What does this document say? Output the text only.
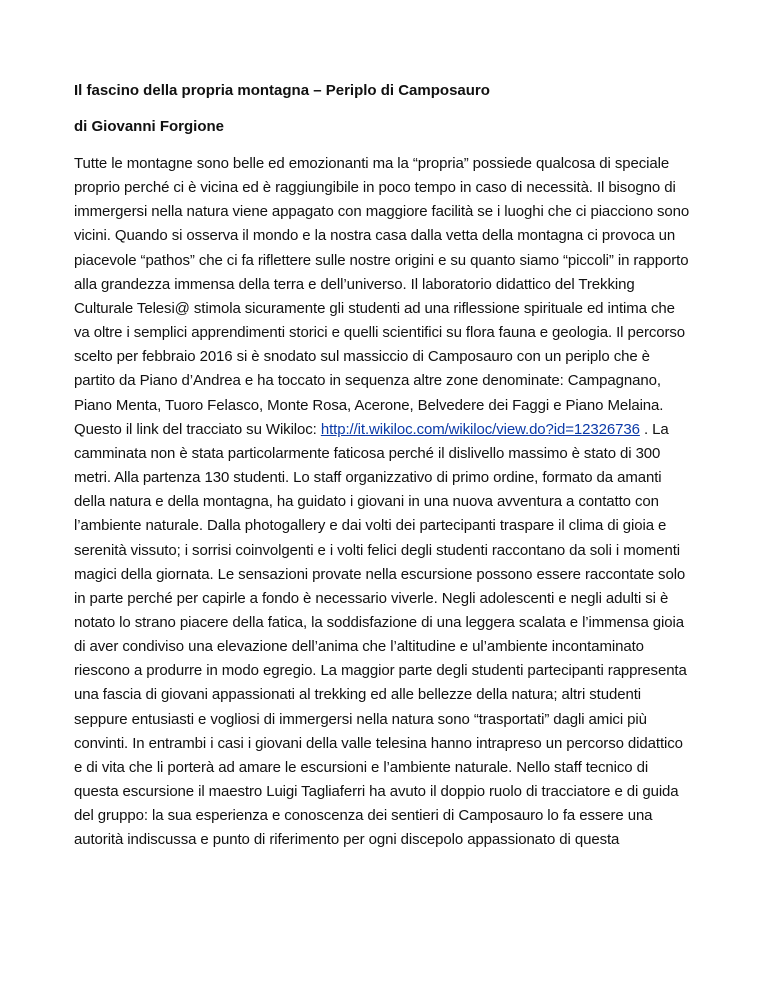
Il fascino della propria montagna – Periplo di Camposauro

di Giovanni Forgione

Tutte le montagne sono belle ed emozionanti ma la “propria” possiede qualcosa di speciale proprio perché ci è vicina ed è raggiungibile in poco tempo in caso di necessità. Il bisogno di immergersi nella natura viene appagato con maggiore facilità se i luoghi che ci piacciono sono vicini. Quando si osserva il mondo e la nostra casa dalla vetta della montagna ci provoca un piacevole “pathos” che ci fa riflettere sulle nostre origini e su quanto siamo “piccoli” in rapporto alla grandezza immensa della terra e dell’universo. Il laboratorio didattico del Trekking Culturale Telesi@ stimola sicuramente gli studenti ad una riflessione spirituale ed intima che va oltre i semplici apprendimenti storici e quelli scientifici su flora fauna e geologia. Il percorso scelto per febbraio 2016 si è snodato sul massiccio di Camposauro con un periplo che è partito da Piano d’Andrea e ha toccato in sequenza altre zone denominate: Campagnano, Piano Menta, Tuoro Felasco, Monte Rosa, Acerone, Belvedere dei Faggi e Piano Melaina. Questo il link del tracciato su Wikiloc: http://it.wikiloc.com/wikiloc/view.do?id=12326736 . La camminata non è stata particolarmente faticosa perché il dislivello massimo è stato di 300 metri. Alla partenza 130 studenti. Lo staff organizzativo di primo ordine, formato da amanti della natura e della montagna, ha guidato i giovani in una nuova avventura a contatto con l’ambiente naturale. Dalla photogallery e dai volti dei partecipanti traspare il clima di gioia e serenità vissuto; i sorrisi coinvolgenti e i volti felici degli studenti raccontano da soli i momenti magici della giornata. Le sensazioni provate nella escursione possono essere raccontate solo in parte perché per capirle a fondo è necessario viverle. Negli adolescenti e negli adulti si è notato lo strano piacere della fatica, la soddisfazione di una leggera scalata e l’immensa gioia di aver condiviso una elevazione dell’anima che l’altitudine e ul’ambiente incontaminato riescono a produrre in modo egregio. La maggior parte degli studenti partecipanti rappresenta una fascia di giovani appassionati al trekking ed alle bellezze della natura; altri studenti seppure entusiasti e vogliosi di immergersi nella natura sono “trasportati” dagli amici più convinti. In entrambi i casi i giovani della valle telesina hanno intrapreso un percorso didattico e di vita che li porterà ad amare le escursioni e l’ambiente naturale. Nello staff tecnico di questa escursione il maestro Luigi Tagliaferri ha avuto il doppio ruolo di tracciatore e di guida del gruppo: la sua esperienza e conoscenza dei sentieri di Camposauro lo fa essere una autorità indiscussa e punto di riferimento per ogni discepolo appassionato di questa
